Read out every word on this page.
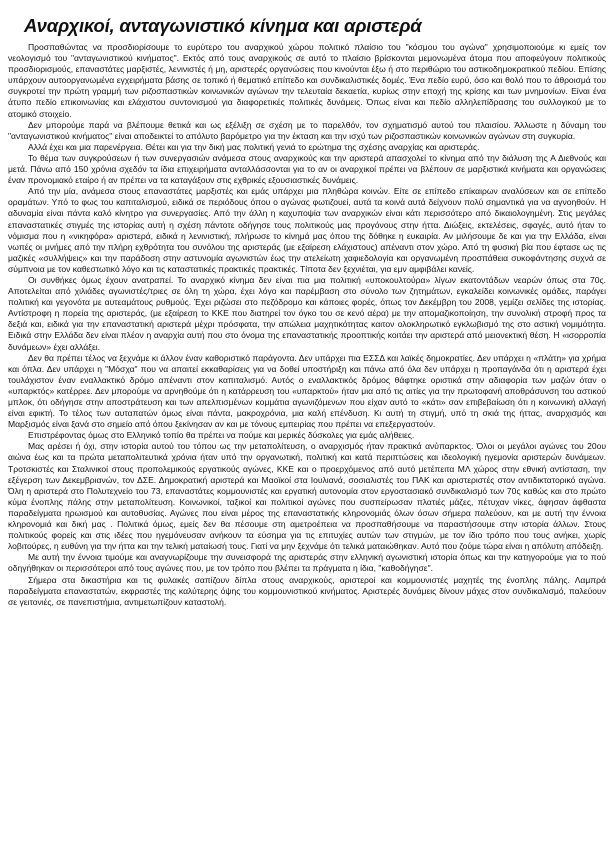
Αναρχικοί, ανταγωνιστικό κίνημα και αριστερά

Προσπαθώντας να προσδιορίσουμε το ευρύτερο του αναρχικού χώρου πολιτικό πλαίσιο του "κόσμου του αγώνα" χρησιμοποιούμε κι εμείς τον νεολογισμό του "ανταγωνιστικού κινήματος". Εκτός από τους αναρχικούς σε αυτό το πλαίσιο βρίσκονται μεμονωμένα άτομα που αποφεύγουν πολιτικούς προσδιορισμούς, επαναστάτες μαρξιστές, λενινιστές ή μη, αριστερές οργανώσεις που κινούνται έξω ή στο περιθώριο του αστικοδημοκρατικού πεδίου. Επίσης υπάρχουν αυτοοργανωμένα εγχειρήματα βάσης σε τοπικό ή θεματικό επίπεδο και συνδικαλιστικές δομές. Ένα πεδίο ευρύ, όσο και θολό που το άθροισμά του συγκροτεί την πρώτη γραμμή των ριζοσπαστικών κοινωνικών αγώνων την τελευταία δεκαετία, κυρίως στην εποχή της κρίσης και των μνημονίων. Είναι ένα άτυπο πεδίο επικοινωνίας και ελάχιστου συντονισμού για διαφορετικές πολιτικές δυνάμεις. Όπως είναι και πεδίο αλληλεπίδρασης του συλλογικού με το ατομικό στοιχείο.

Δεν μπορούμε παρά να βλέπουμε θετικά και ως εξέλιξη σε σχέση με το παρελθόν, τον σχηματισμό αυτού του πλαισίου. Άλλωστε η δύναμη του "ανταγωνιστικού κινήματος" είναι αποδεικτεί το απόλυτο βαρόμετρο για την έκταση και την ισχύ των ριζοσπαστικών κοινωνικών αγώνων στη συγκυρία.

Αλλά έχει και μια παρενέργεια. Θέτει και για την δική μας πολιτική γενιά το ερώτημα της σχέσης αναρχίας και αριστεράς.

Το θέμα των συγκρούσεων ή των συνεργασιών ανάμεσα στους αναρχικούς και την αριστερά απασχολεί το κίνημα από την διάλυση της Α Διεθνούς και μετά. Πάνω από 150 χρόνια σχεδόν τα ίδια επιχειρήματα ανταλλάσσονται για το αν οι αναρχικοί πρέπει να βλέπουν σε μαρξιστικά κινήματα και οργανώσεις έναν προνομιακό εταίρο ή αν πρέπει να τα καταγάξουν στις εχθρικές εξουσιαστικές δυνάμεις.

Από την μία, ανάμεσα στους επαναστάτες μαρξιστές και εμάς υπάρχει μια πληθώρα κοινών. Είτε σε επίπεδο επίκαιρων αναλύσεων και σε επίπεδο οραμάτων. Υπό το φως του καπιταλισμού, ειδικά σε περιόδους όπου ο αγώνας φωτιζουεί, αυτά τα κοινά αυτά δείχνουν πολύ σημαντικά για να αγνοηθούν. Η αδυναμία είναι πάντα καλό κίνητρο για συνεργασίες. Από την άλλη η καχυποψία των αναρχικών είναι κάτι περισσότερο από δικαιολογημένη. Στις μεγάλες επαναστατικές στιγμές της ιστορίας αυτή η σχέση πάντοτε οδήγησε τους πολιτικούς μας προγόνους στην ήττα. Διώξεις, εκτελέσεις, σφαγές, αυτό ήταν το νόμισμα που η «νικηφόρα» αριστερά, ειδικά η λενινιστική, πλήρωσε το κίνημά μας όπου της δόθηκε η ευκαιρία. Αν μιλήσουμε δε και για την Ελλάδα, είναι νωπές οι μνήμες από την πλήρη εχθρότητα του συνόλου της αριστεράς (με εξαίρεση ελάχιστους) απέναντι στον χώρο. Από τη φυσική βία που έφτασε ως τις μαζικές «συλλήψεις» και την παράδοση στην αστυνομία αγωνιστών έως την ατελείωτη χαφιεδολογία και οργανωμένη προσπάθεια συκοφάντησης συχνά σε σύμπνοια με τον καθεστωτικό λόγο και τις καταστατικές πρακτικές πρακτικές. Τίποτα δεν ξεχνιέται, για εμν αμφιβάλει κανείς.

Οι συνθήκες όμως έχουν ανατραπεί. Το αναρχικό κίνημα δεν είναι πια μια πολιτική «υποκουλτούρα» λίγων εκατοντάδων νεαρών όπως στα 70ς. Αποτελείται από χιλιάδες αγωνιστές/τριες σε όλη τη χώρα, έχει λόγο και παρέμβαση στο σύνολο των ζητημάτων, εγκαλείδει κοινωνικές ομάδες, παράγει πολιτική και γεγονότα με αυτεαμάτους ρυθμούς. Έχει ριζώσει στο πεζόδρομο και κάποιες φορές, όπως τον Δεκέμβρη του 2008, γεμίζει σελίδες της ιστορίας. Αντίστροφη η πορεία της αριστεράς, (με εξαίρεση το ΚΚΕ που διατηρεί τον όγκο του σε κενό αέρα) με την απομαζικοποίηση, την συνολική στροφή προς τα δεξιά και, ειδικά για την επαναστατική αριστερά μέχρι πρόσφατα, την απώλεια μαχητικότητας καιτον ολοκληρωτικό εγκλωβισμό της στο αστική νομιμότητα. Ειδικά στην Ελλάδα δεν είναι πλέον η αναρχία αυτή που στο όνομα της επαναστατικής προοπτικής κοιτάει την αριστερά από μειονεκτική θέση. Η «ισορροπία δυνάμεων» έχει αλλάξει.

Δεν θα πρέπει τέλος να ξεχνάμε κι άλλον έναν καθοριστικό παράγοντα. Δεν υπάρχει πια ΕΣΣΔ και λαϊκές δημοκρατίες. Δεν υπάρχει η «πλάτη» για χρήμα και όπλα. Δεν υπάρχει η "Μόσχα" που να απαιτεί εκκαθαρίσεις για να δοθεί υποστήριξη και πάνω από όλα δεν υπάρχει η προπαγάνδα ότι η αριστερά έχει τουλάχιστον έναν εναλλακτικό δρόμο απέναντι στον καπιταλισμό. Αυτός ο εναλλακτικός δρόμος θάφτηκε οριστικά στην αδιαφορία των μαζών όταν ο «υπαρκτός» κατέρρεε. Δεν μπορούμε να αρνηθούμε ότι η κατάρρευση του «υπαρκτού» ήταν μια από τις αιτίες για την πρωτοφανή αποθράσυνση του αστικού μπλοκ, ότι οδήγησε στην αποστράτευση και των απελπισμένων κομμάτια αγωνιζόμενων που είχαν αυτό το «κάτι» σαν επιβεβαίωση ότι η κοινωνική αλλαγή είναι εφικτή. Το τέλος των αυταπατών όμως είναι πάντα, μακροχρόνια, μια καλή επένδυση. Κι αυτή τη στιγμή, υπό τη σκιά της ήττας, αναρχισμός και Μαρξισμός είναι ξανά στο σημείο από όπου ξεκίνησαν αν και με τόνους εμπειρίας που πρέπει να επεξεργαστούν.

Επιστρέφοντας όμως στο Ελληνικό τοπίο θα πρέπει να πούμε και μερικές δύσκολες για εμάς αλήθειες.

Μας αρέσει ή όχι, στην ιστορία αυτού του τόπου ως την μεταπολίτευση, ο αναρχισμός ήταν πρακτικά ανύπαρκτος. Όλοι οι μεγάλοι αγώνες του 20ου αιώνα έως και τα πρώτα μεταπολιτευτικά χρόνια ήταν υπό την οργανωτική, πολιτική και κατά περιπτώσεις και ιδεολογική ηγεμονία αριστερών δυνάμεων. Τροτσκιστές και Σταλινικοί στους προπολεμικούς εργατικούς αγώνες, ΚΚΕ και ο προερχόμενος από αυτό μετέπειτα ΜΛ χώρος στην εθνική αντίσταση, την εξέγερση των Δεκεμβριανών, τον ΔΣΕ. Δημοκρατική αριστερά και Μαοϊκοί στα Ιουλιανά, σοσιαλιστές του ΠΑΚ και αριστεριστές στον αντιδικτατορικό αγώνα. Όλη η αριστερά στο Πολυτεχνείο του 73, επαναστάτες κομμουνιστές και εργατική αυτονομία στον εργοστασιακό συνδικαλισμό των 70ς καθώς και στο πρώτο κύμα ένοπλης πάλης στην μεταπολίτευση. Κοινωνικοί, ταξικοί και πολιτικοί αγώνες που συσπείρωσαν πλατιές μάζες, πέτυχαν νίκες, άφησαν άφθαστα παραδείγματα ηρωισμού και αυτοθυσίας. Αγώνες που είναι μέρος της επαναστατικής κληρονομιάς όλων όσων σήμερα παλεύουν, και με αυτή την έννοια κληρονομιά και δική μας . Πολιτικά όμως, εμείς δεν θα πέσουμε στη αμετροέπεια να προσπαθήσουμε να παραστήσουμε στην ιστορία άλλων. Στους πολιτικούς φορείς και στις ιδέες που ηγεμόνευσαν ανήκουν τα εύσημα για τις επιτυχίες αυτών των στιγμών, με τον ίδιο τρόπο που τους ανήκει, χωρίς λοβιτούρες, η ευθύνη για την ήττα και την τελική ματαίωσή τους. Γιατί να μην ξεχνάμε ότι τελικά ματαιώθηκαν. Αυτό που ζούμε τώρα είναι η απόλυτη απόδειξη.

Με αυτή την έννοια τιμούμε και αναγνωρίζουμε την συνεισφορά της αριστεράς στην ελληνική αγωνιστική ιστορία όπως και την κατηγορούμε για το πού οδηγήθηκαν οι περισσότεροι από τους αγώνες που, με τον τρόπο που βλέπει τα πράγματα η ίδια, "καθοδήγησε".

Σήμερα στα δικαστήρια και τις φυλακές σαπίζουν δίπλα στους αναρχικούς, αριστεροί και κομμουνιστές μαχητές της ένοπλης πάλης. Λαμπρά παραδείγματα επαναστατών, εκφραστές της καλύτερης όψης του κομμουνιστικού κινήματος. Αριστερές δυνάμεις δίνουν μάχες στον συνδικαλισμό, παλεύουν σε γειτονιές, σε πανεπιστήμια, αντιμετωπίζουν καταστολή.
